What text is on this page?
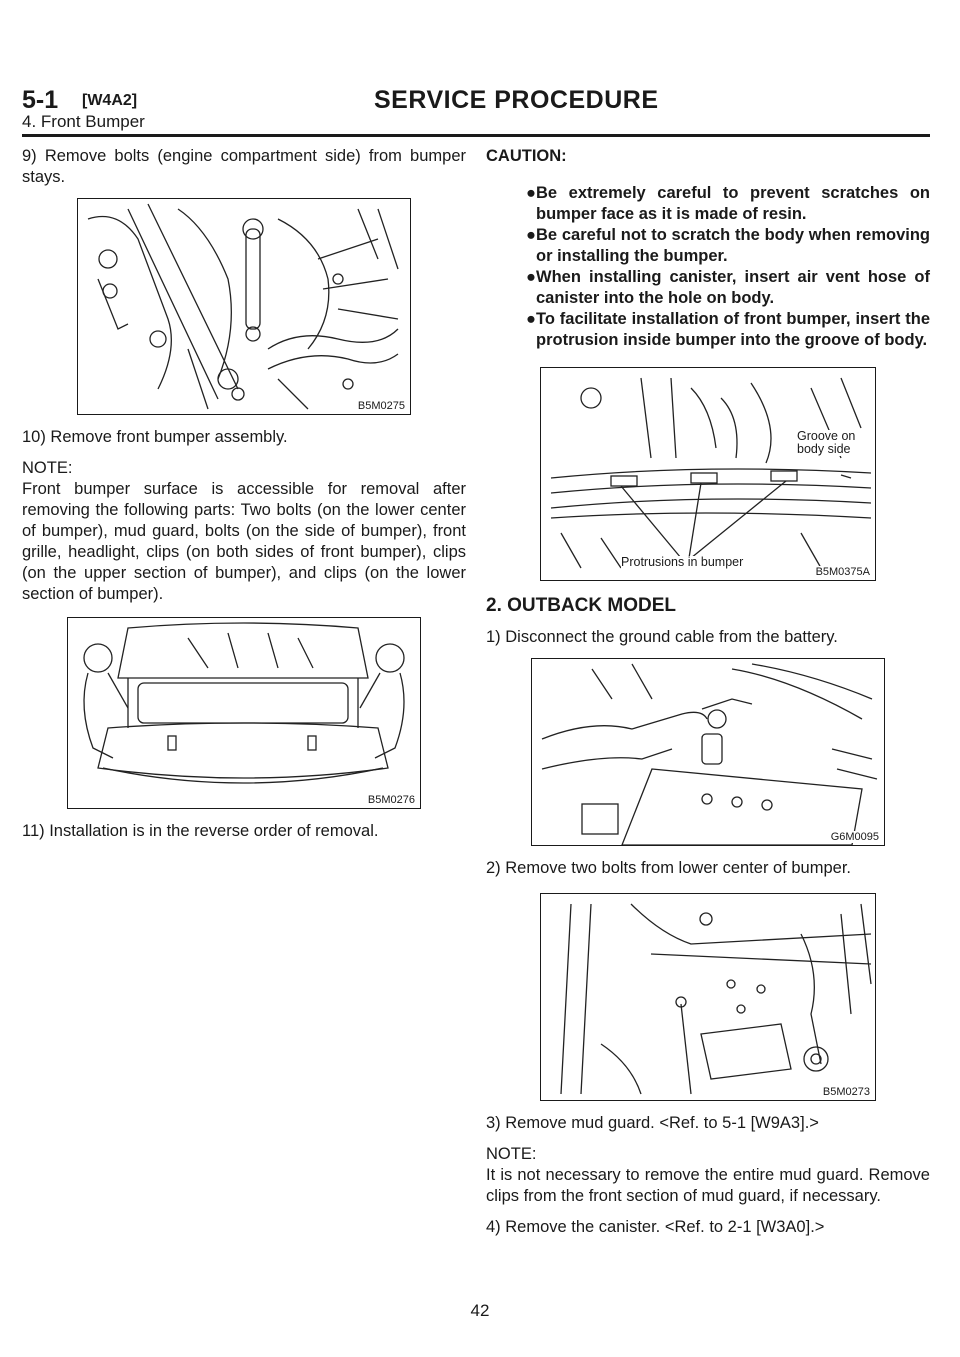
5-1 [W4A2]	SERVICE PROCEDURE
4. Front Bumper

9) Remove bolts (engine compartment side) from bumper stays.

B5M0275

10) Remove front bumper assembly.

NOTE:

Front bumper surface is accessible for removal after removing the following parts: Two bolts (on the lower center of bumper), mud guard, bolts (on the side of bumper), front grille, headlight, clips (on both sides of front bumper), clips (on the upper section of bumper), and clips (on the lower section of bumper).

B5M0276

11) Installation is in the reverse order of removal.

CAUTION:
● Be extremely careful to prevent scratches on bumper face as it is made of resin.
● Be careful not to scratch the body when removing or installing the bumper.
● When installing canister, insert air vent hose of canister into the hole on body.
● To facilitate installation of front bumper, insert the protrusion inside bumper into the groove of body.
Groove on body side
Protrusions in bumper
B5M0375A
2. OUTBACK MODEL

1) Disconnect the ground cable from the battery.

G6M0095

2) Remove two bolts from lower center of bumper.

B5M0273

3) Remove mud guard. <Ref. to 5-1 [W9A3].>

NOTE:

It is not necessary to remove the entire mud guard. Remove clips from the front section of mud guard, if necessary.

4) Remove the canister. <Ref. to 2-1 [W3A0].>

42
